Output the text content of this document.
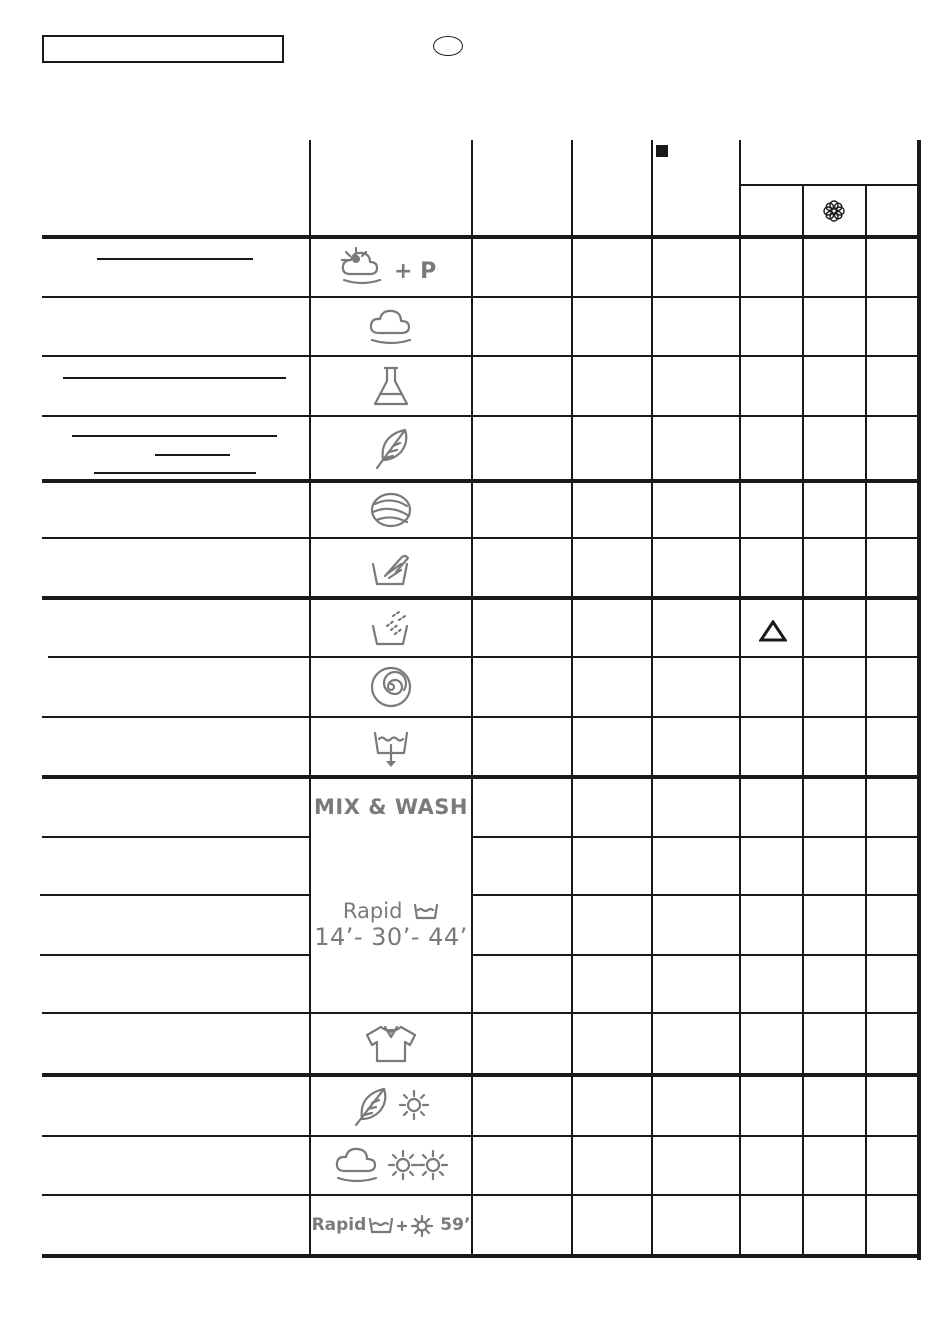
+ P
MIX & WASH
Rapid
14’- 30’- 44’
Rapid	59’
